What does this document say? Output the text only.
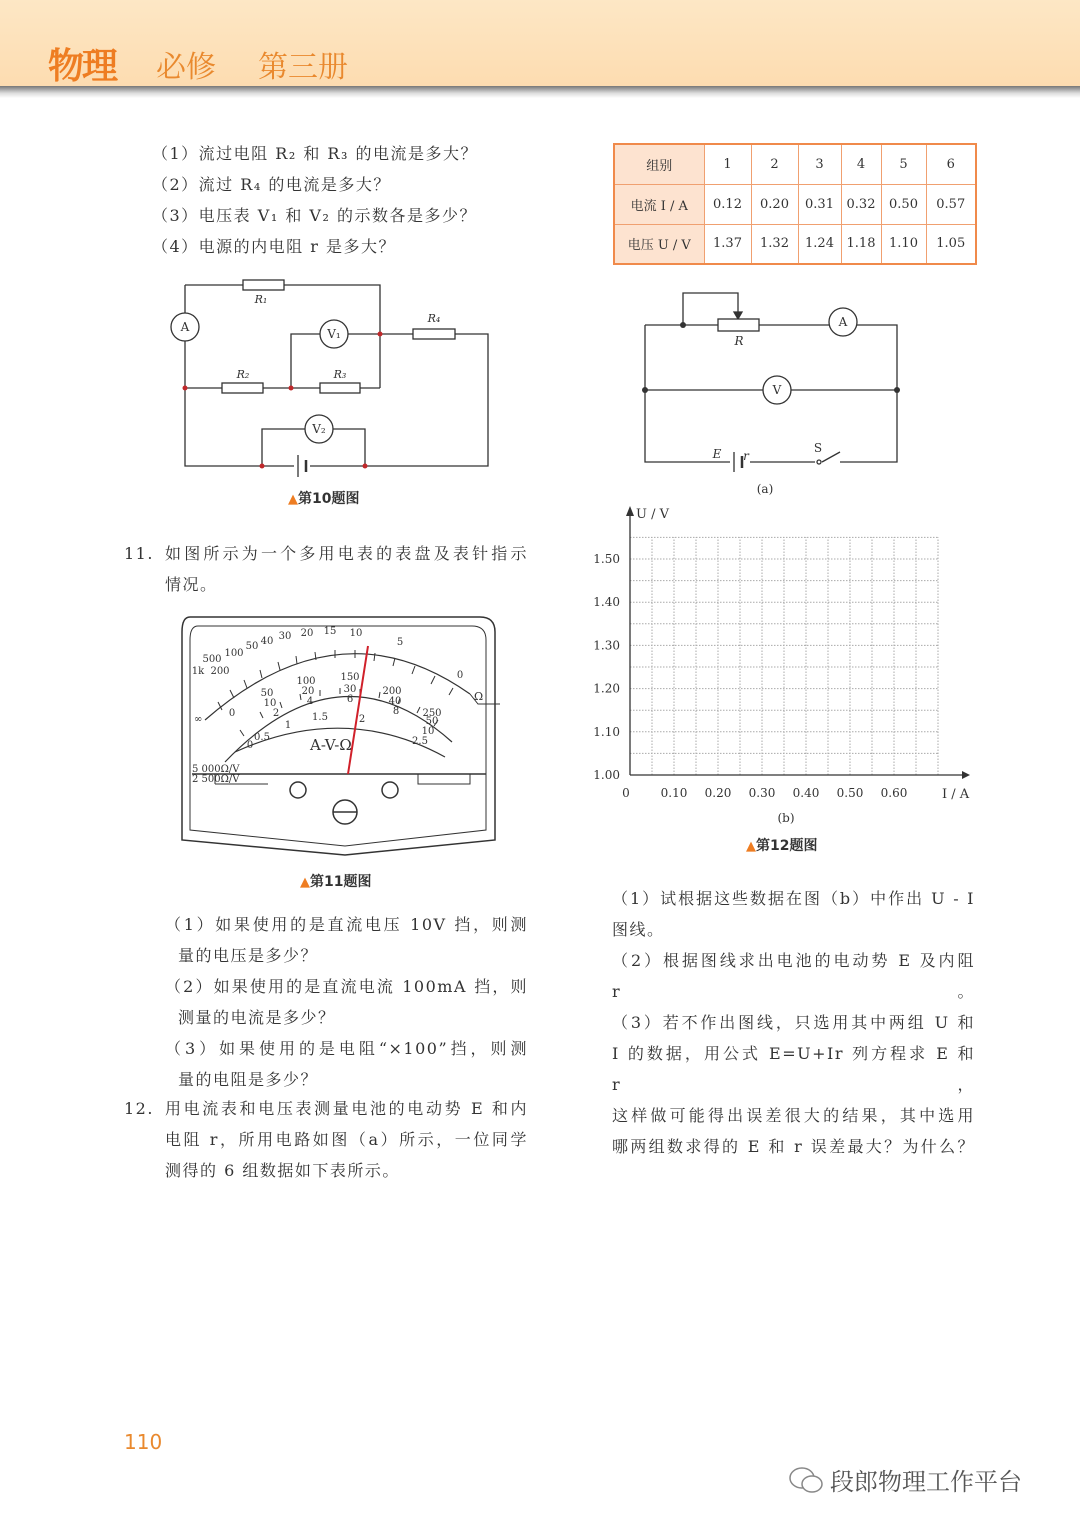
物理 必修 第三册
（1）流过电阻 R₂ 和 R₃ 的电流是多大？
（2）流过 R₄ 的电流是多大？
（3）电压表 V₁ 和 V₂ 的示数各是多少？
（4）电源的内电阻 r 是多大？
R₁
R₂	R₃
R₄
A	V₁
V₂
▲第10题图
11. 如图所示为一个多用电表的表盘及表针指示
情况。
1k
500
200
100
50 40 30 20 15 10
5
0
0
50
10
2
100
20
4
150
30
6
200
40
8 250
50
10
0
0.5
1
1.5	2
2.5
A-V-Ω
5 000Ω/V
2 500Ω/V
Ω
∞
▲第11题图
（1）如果使用的是直流电压 10V 挡，则测
量的电压是多少？
（2）如果使用的是直流电流 100mA 挡，则
测量的电流是多少？
（3）如果使用的是电阻“×100”挡，则测
量的电阻是多少？
12. 用电流表和电压表测量电池的电动势 E 和内
电阻 r，所用电路如图（a）所示，一位同学
测得的 6 组数据如下表所示。
组别	1	2	3	4	5	6
电流 I / A	0.12	0.20	0.31	0.32	0.50	0.57
电压 U / V	1.37	1.32	1.24	1.18	1.10	1.05
R
A
V
E r
S
(a)
U / V
I / A
1.00
1.10
1.20
1.30
1.40
1.50
0	0.10 0.20 0.30 0.40 0.50 0.60
(b)
▲第12题图
（1）试根据这些数据在图（b）中作出 U - I
图线。
（2）根据图线求出电池的电动势 E 及内阻 r。
（3）若不作出图线，只选用其中两组 U 和
I 的数据，用公式 E=U+Ir 列方程求 E 和 r，
这样做可能得出误差很大的结果，其中选用
哪两组数求得的 E 和 r 误差最大？为什么？
110
段郎物理工作平台
